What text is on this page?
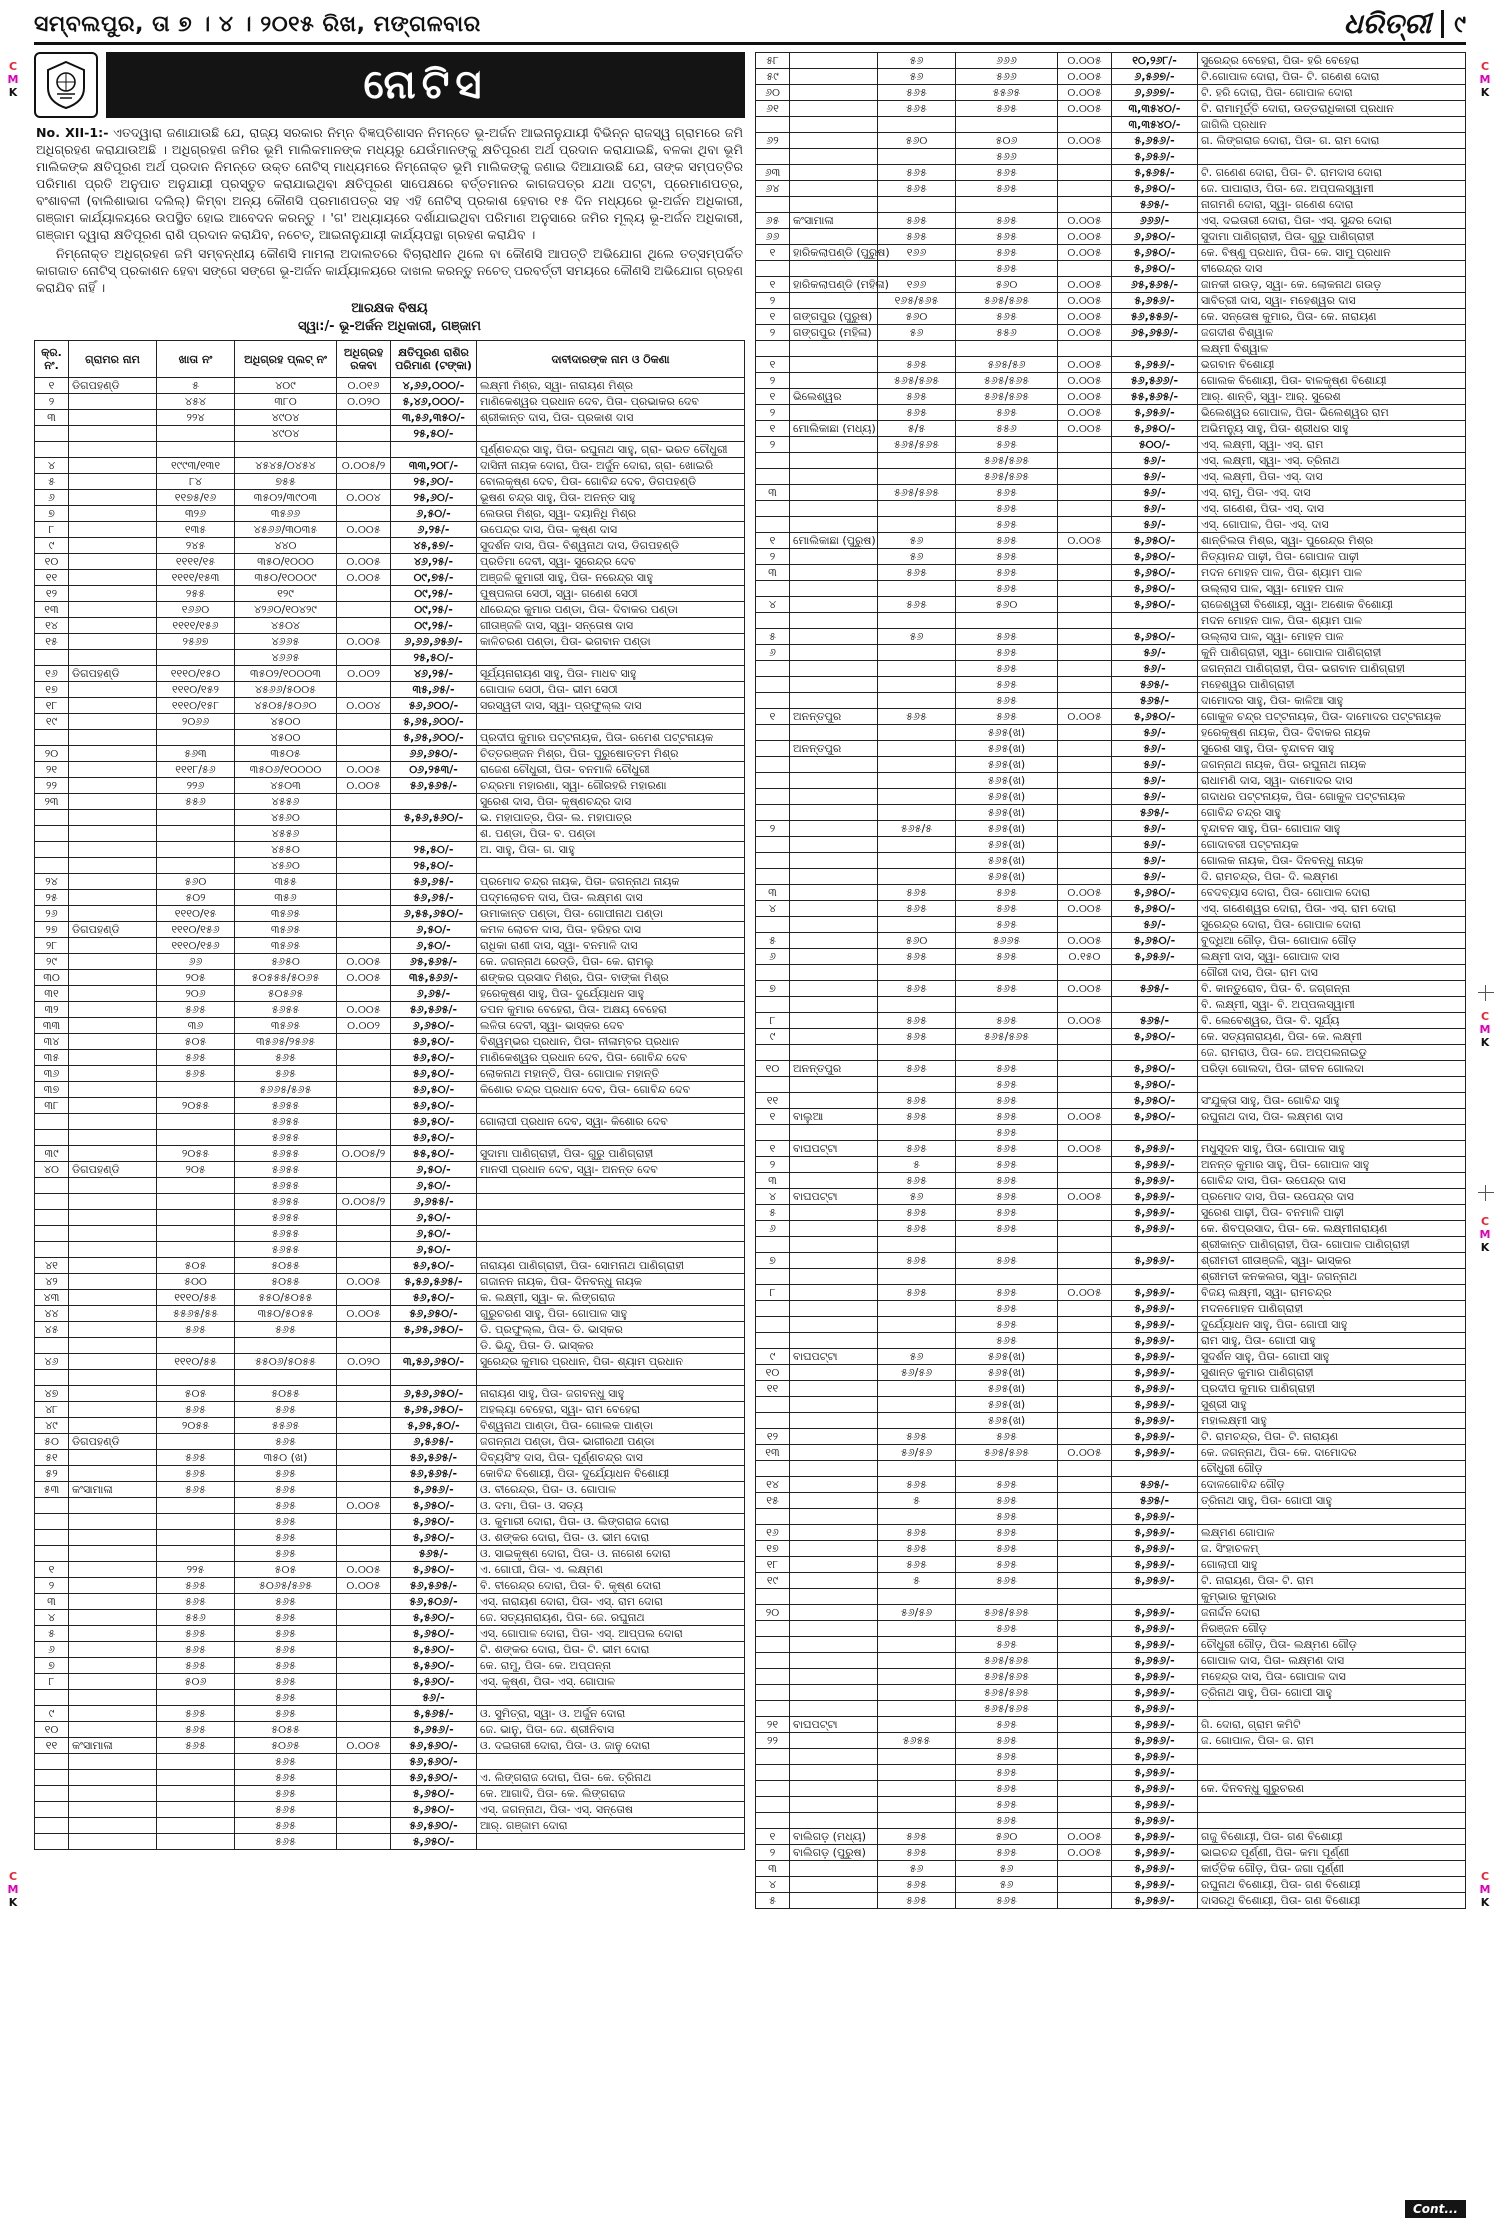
C
M
K
C
M
K
C
M
K
C
M
K
C
M
K
C
M
K
ସମ୍ବଲପୁର, ତା ୭ । ୪ । ୨୦୧୫ ରିଖ, ମଙ୍ଗଳବାର	ଧରିତ୍ରୀ ୯
ନୋଟିସ
No. XII-1:- ଏତଦ୍ୱାରା ଜଣାଯାଉଛି ଯେ, ରାଜ୍ୟ ସରକାର ନିମ୍ନ ବିଜ୍ଞପ୍ତିଶାସନ ନିମନ୍ତେ ଭୂ-ଅର୍ଜନ ଆଇନାନୁଯାୟୀ ବିଭିନ୍ନ ରାଜସ୍ୱ ଗ୍ରାମରେ ଜମି ଅଧିଗ୍ରହଣ କରାଯାଉଅଛି । ଅଧିଗ୍ରହଣ ଜମିର ଭୂମି ମାଲିକମାନଙ୍କ ମଧ୍ୟରୁ ଯେଉଁମାନଙ୍କୁ କ୍ଷତିପୂରଣ ଅର୍ଥ ପ୍ରଦାନ କରାଯାଇଛି, ବଳକା ଥିବା ଭୂମି ମାଲିକଙ୍କ କ୍ଷତିପୂରଣ ଅର୍ଥ ପ୍ରଦାନ ନିମନ୍ତେ ଉକ୍ତ ନୋଟିସ୍ ମାଧ୍ୟମରେ ନିମ୍ନୋକ୍ତ ଭୂମି ମାଲିକଙ୍କୁ ଜଣାଇ ଦିଆଯାଉଛି ଯେ, ତାଙ୍କ ସମ୍ପତ୍ତିର ପରିମାଣ ପ୍ରତି ଅନୁପାତ ଅନୁଯାୟୀ ପ୍ରସ୍ତୁତ କରାଯାଇଥିବା କ୍ଷତିପୂରଣ ସାପେକ୍ଷରେ ବର୍ତ୍ତମାନର କାଗଜପତ୍ର ଯଥା ପଟ୍ଟା, ପ୍ରେମାଣପତ୍ର, ବଂଶାବଳୀ (ବାଲିଶାଭାଗ ଦଲିଲ୍) କିମ୍ବା ଅନ୍ୟ କୌଣସି ପ୍ରମାଣପତ୍ର ସହ ଏହି ନୋଟିସ୍ ପ୍ରକାଶ ହେବାର ୧୫ ଦିନ ମଧ୍ୟରେ ଭୂ-ଅର୍ଜନ ଅଧିକାରୀ, ଗଞ୍ଜାମ କାର୍ଯ୍ୟାଳୟରେ ଉପସ୍ଥିତ ହୋଇ ଆବେଦନ କରନ୍ତୁ । 'ଗ' ଅଧ୍ୟାୟରେ ଦର୍ଶାଯାଇଥିବା ପରିମାଣ ଅନୁସାରେ ଜମିର ମୂଲ୍ୟ ଭୂ-ଅର୍ଜନ ଅଧିକାରୀ, ଗଞ୍ଜାମ ଦ୍ୱାରା କ୍ଷତିପୂରଣ ରାଶି ପ୍ରଦାନ କରାଯିବ, ନଚେତ୍, ଆଇନାନୁଯାୟୀ କାର୍ଯ୍ୟପନ୍ଥା ଗ୍ରହଣ କରାଯିବ ।
ନିମ୍ନୋକ୍ତ ଅଧିଗ୍ରହଣ ଜମି ସମ୍ବନ୍ଧୀୟ କୌଣସି ମାମଲା ଅଦାଲତରେ ବିଚାରାଧୀନ ଥିଲେ ବା କୌଣସି ଆପତ୍ତି ଅଭିଯୋଗ ଥିଲେ ତତ୍‌ସମ୍ପର୍କିତ କାଗଜାତ ନୋଟିସ୍ ପ୍ରକାଶନ ହେବା ସଙ୍ଗେ ସଙ୍ଗେ ଭୂ-ଅର୍ଜନ କାର୍ଯ୍ୟାଳୟରେ ଦାଖଲ କରନ୍ତୁ ନଚେତ୍ ପରବର୍ତ୍ତୀ ସମୟରେ କୌଣସି ଅଭିଯୋଗ ଗ୍ରହଣ କରାଯିବ ନାହିଁ ।
ଆରକ୍ଷକ ବିଷୟ
ସ୍ୱା:/- ଭୂ-ଅର୍ଜନ ଅଧିକାରୀ, ଗଞ୍ଜାମ
କ୍ର. ନଂ.	ଗ୍ରାମର ନାମ	ଖାତା ନଂ	ଅଧିଗ୍ରହ ପ୍ଲଟ୍ ନଂ	ଅଧିଗ୍ରହ ରକବା	କ୍ଷତିପୂରଣ ରାଶିର ପରିମାଣ (ଟଙ୍କା)	ଦାବୀଦାରଙ୍କ ନାମ ଓ ଠିକଣା
୧	ଡିଗପହଣ୍ଡି	୫	୪୦୯	୦.୦୧୬	୪,୬୬,୦୦୦/-	ଲକ୍ଷ୍ମୀ ମିଶ୍ର, ସ୍ୱା- ନାରାୟଣ ମିଶ୍ର
୨		୪୫୪	୩୮୦	୦.୦୨୦	୫,୪୬,୦୦୦/-	ମାଣିକେଶ୍ୱର ପ୍ରଧାନ ଦେବ, ପିତା- ପ୍ରଭାକର ଦେବ
୩		୨୨୪	୪୯୦୪		୩,୫୬,୩୫୦/-	ଶ୍ରୀକାନ୍ତ ଦାସ, ପିତା- ପ୍ରକାଶ ଦାସ
			୪୯୦୪		୨୫,୫୦/-	
						ପୂର୍ଣ୍ଣଚନ୍ଦ୍ର ସାହୁ, ପିତା- ରଘୁନାଥ ସାହୁ, ଗ୍ରା- ଭରତ ଚୌଧୁରୀ
୪		୧୯୯୩/୧୩୧	୪୫୪୫/୦୪୫୪	୦.୦୦୫/୨	୩୩,୨୦୮/-	ଦାସିନୀ ନାୟକ ଦୋରା, ପିତା- ଅର୍ଜୁନ ଦୋରା, ଗ୍ରା- ଖୋଇରି
୫		୮୪	୭୫୫		୨୫,୬୦/-	ବୋଲକୃଷ୍ଣ ଦେବ, ପିତା- ଗୋବିନ୍ଦ ଦେବ, ଡିଗପହଣ୍ଡି
୬		୧୧୭୫/୧୬	୩୫୦୨/୩୯୦୩	୦.୦୦୪	୨୫,୬୦/-	ଭୂଷଣ ଚନ୍ଦ୍ର ସାହୁ, ପିତା- ଅନନ୍ତ ସାହୁ
୭		୩୨୬	୩୫୬୬		୬,୫୦/-	ଲେଉତା ମିଶ୍ର, ସ୍ୱା- ଦୟାନିଧି ମିଶ୍ର
୮		୧୩୫	୪୫୬୬/୩୦୩୫	୦.୦୦୫	୬,୨୫/-	ଉପେନ୍ଦ୍ର ଦାସ, ପିତା- କୃଷ୍ଣ ଦାସ
୯		୨୪୫	୪୪୦		୪୫,୫୭/-	ସୁଦର୍ଶନ ଦାସ, ପିତା- ବିଶ୍ୱନାଥ ଦାସ, ଡିଗପହଣ୍ଡି
୧୦		୧୧୧୧/୧୫	୩୫୦/୧୦୦୦	୦.୦୦୫	୪୬,୨୫/-	ପ୍ରତିମା ଦେବୀ, ସ୍ୱା- ସୁରେନ୍ଦ୍ର ଦେବ
୧୧		୧୧୧୧/୧୫୩	୩୫୦/୧୦୦୦୯	୦.୦୦୫	୦୯,୭୫/-	ଅଞ୍ଜଳି କୁମାରୀ ସାହୁ, ପିତା- ନରେନ୍ଦ୍ର ସାହୁ
୧୨		୨୫୫	୧୨୯		୦୯,୨୫/-	ପୁଷ୍ପଲତା ସେଠୀ, ସ୍ୱା- ଗଣେଶ ସେଠୀ
୧୩		୧୬୬୦	୪୨୬୦/୧୦୪୨୯		୦୯,୨୫/-	ଧୀରେନ୍ଦ୍ର କୁମାର ପଣ୍ଡା, ପିତା- ଦିବାକର ପଣ୍ଡା
୧୪		୧୧୧୧/୧୫୬	୪୫୦୪		୦୯,୨୫/-	ଗୀତାଞ୍ଜଳି ଦାସ, ସ୍ୱା- ସନ୍ତୋଷ ଦାସ
୧୫		୨୫୬୭	୪୬୬୫	୦.୦୦୫	୬,୬୬,୬୫୬/-	କାଳିଚରଣ ପଣ୍ଡା, ପିତା- ଭଗବାନ ପଣ୍ଡା
			୪୬୬୫		୨୫,୫୦/-	
୧୬	ଡିଗପହଣ୍ଡି	୧୧୧୦/୧୫୦	୩୫୦୨/୧୦୦୦୩	୦.୦୦୨	୪୬,୨୫/-	ସୂର୍ଯ୍ୟନାରାୟଣ ସାହୁ, ପିତା- ମାଧବ ସାହୁ
୧୭		୧୧୧୦/୧୫୨	୪୫୬୬/୫୦୦୫		୩୫,୬୫/-	ଗୋପାଳ ସେଠୀ, ପିତା- ଭୀମ ସେଠୀ
୧୮		୧୧୧୦/୧୫୮	୪୫୦୫/୫୦୬୦	୦.୦୦୪	୫୬,୬୦୦/-	ସରସ୍ୱତୀ ଦାସ, ସ୍ୱା- ପ୍ରଫୁଲ୍ଲ ଦାସ
୧୯		୨୦୬୬	୪୫୦୦		୫,୬୫,୬୦୦/-	
			୪୫୦୦		୫,୬୫,୬୦୦/-	ପ୍ରଦୀପ କୁମାର ପଟ୍ଟନାୟକ, ପିତା- ରମେଶ ପଟ୍ଟନାୟକ
୨୦		୫୬୩	୩୫୦୫		୬୬,୬୫୦/-	ଚିତ୍ତରଞ୍ଜନ ମିଶ୍ର, ପିତା- ପୁରୁଷୋତ୍ତମ ମିଶ୍ର
୨୧		୧୧୧୮/୫୬	୩୫୦୬/୧୦୦୦୦	୦.୦୦୫	୦୬,୨୫୩/-	ରାଜେଶ ଚୌଧୁରୀ, ପିତା- ବନମାଳି ଚୌଧୁରୀ
୨୨		୨୨୬	୪୫୦୩	୦.୦୦୫	୫୬,୫୬୫/-	ଚନ୍ଦ୍ରମା ମହାରଣା, ସ୍ୱା- ଗୌରହରି ମହାରଣା
୨୩		୫୫୬	୪୫୫୬			ସୁରେଶ ଦାସ, ପିତା- କୃଷ୍ଣଚନ୍ଦ୍ର ଦାସ
			୪୫୬୦		୫,୫୬,୫୬୦/-	ଭ. ମହାପାତ୍ର, ପିତା- ଲ. ମହାପାତ୍ର
			୪୫୫୬			ଶ. ପଣ୍ଡା, ପିତା- ବ. ପଣ୍ଡା
			୪୫୫୦		୨୫,୫୦/-	ଅ. ସାହୁ, ପିତା- ଗ. ସାହୁ
			୪୫୬୦		୨୫,୫୦/-	
୨୪		୫୬୦	୩୫୫		୫୬,୬୫/-	ପ୍ରମୋଦ ଚନ୍ଦ୍ର ନାୟକ, ପିତା- ଜଗନ୍ନାଥ ନାୟକ
୨୫		୫୦୨	୩୫୬		୫୬,୬୫/-	ପଦ୍ମଲୋଚନ ଦାସ, ପିତା- ଲକ୍ଷ୍ମଣ ଦାସ
୨୬		୧୧୧୦/୧୫	୩୫୬୫		୬,୫୫,୬୫୦/-	ଉମାକାନ୍ତ ପଣ୍ଡା, ପିତା- ଗୋପୀନାଥ ପଣ୍ଡା
୨୭	ଡିଗପହଣ୍ଡି	୧୧୧୦/୧୫୬	୩୫୬୫		୬,୫୦/-	କମଳ ଲୋଚନ ଦାସ, ପିତା- ହରିହର ଦାସ
୨୮		୧୧୧୦/୧୫୬	୩୫୬୫		୬,୫୦/-	ରାଧିକା ରାଣୀ ଦାସ, ସ୍ୱା- ବନମାଳି ଦାସ
୨୯		୬୬	୫୬୫୦	୦.୦୦୫	୬୫,୫୬୫/-	କେ. ଜଗନ୍ନାଥ ରେଡ୍ଡି, ପିତା- କେ. ରାମଲୁ
୩୦		୨୦୫	୫୦୫୫୫/୫୦୬୫	୦.୦୦୫	୩୫,୫୬୬/-	ଶଙ୍କର ପ୍ରସାଦ ମିଶ୍ର, ପିତା- ବାଙ୍କା ମିଶ୍ର
୩୧		୨୦୬	୫୦୫୬୫		୬,୬୫/-	ହରେକୃଷ୍ଣ ସାହୁ, ପିତା- ଦୁର୍ଯ୍ୟୋଧନ ସାହୁ
୩୨		୫୬୫	୫୬୫୫	୦.୦୦୫	୫୬,୫୬୫/-	ତପନ କୁମାର ବେହେରା, ପିତା- ଅକ୍ଷୟ ବେହେରା
୩୩		୩୬	୩୫୬୫	୦.୦୦୨	୬,୬୫୦/-	ଲଳିତା ଦେବୀ, ସ୍ୱା- ଭାସ୍କର ଦେବ
୩୪		୫୦୫	୩୫୬୫/୨୫୬୫		୫୬,୫୦/-	ବିଶ୍ୱମ୍ଭର ପ୍ରଧାନ, ପିତା- ନୀଳାମ୍ବର ପ୍ରଧାନ
୩୫		୫୬୫	୫୬୫		୫୬,୫୦/-	ମାଣିକେଶ୍ୱର ପ୍ରଧାନ ଦେବ, ପିତା- ଗୋବିନ୍ଦ ଦେବ
୩୬		୫୬୫	୫୬୫		୫୬,୫୦/-	ଲୋକନାଥ ମହାନ୍ତି, ପିତା- ଗୋପାଳ ମହାନ୍ତି
୩୭			୫୬୬୫/୫୬୫		୫୬,୫୦/-	କିଶୋର ଚନ୍ଦ୍ର ପ୍ରଧାନ ଦେବ, ପିତା- ଗୋବିନ୍ଦ ଦେବ
୩୮		୨୦୫୫	୫୬୫୫		୫୬,୫୦/-	
			୫୬୫୫		୫୬,୫୦/-	ଗୋଲାପୀ ପ୍ରଧାନ ଦେବ, ସ୍ୱା- କିଶୋର ଦେବ
			୫୬୫୫		୫୬,୫୦/-	
୩୯		୨୦୫୫	୫୬୫୫	୦.୦୦୫/୨	୫୫,୫୦/-	ସୁଦାମା ପାଣିଗ୍ରାହୀ, ପିତା- ଗୁରୁ ପାଣିଗ୍ରାହୀ
୪୦	ଡିଗପହଣ୍ଡି	୨୦୫	୫୬୫୫		୬,୫୦/-	ମାନସୀ ପ୍ରଧାନ ଦେବ, ସ୍ୱା- ଅନନ୍ତ ଦେବ
			୫୬୫୫		୬,୫୦/-	
			୫୬୫୫	୦.୦୦୫/୨	୬,୬୫୫/-	
			୫୬୫୫		୬,୫୦/-	
			୫୬୫୫		୬,୫୦/-	
			୫୬୫୫		୬,୫୦/-	
୪୧		୫୦୫	୫୦୫୫		୫୬,୫୦/-	ନାରାୟଣ ପାଣିଗ୍ରାହୀ, ପିତା- ସୋମନାଥ ପାଣିଗ୍ରାହୀ
୪୨		୫୦୦	୫୦୫୫	୦.୦୦୫	୫,୫୬,୫୬୫/-	ଗଜାନନ ନାୟକ, ପିତା- ଦିନବନ୍ଧୁ ନାୟକ
୪୩		୧୧୧୦/୫୫	୫୫୦/୫୦୫୫		୫୬,୫୦/-	କ. ଲକ୍ଷ୍ମୀ, ସ୍ୱା- କ. ଲିଙ୍ଗରାଜ
୪୪		୫୫୬୫/୫୫	୩୫୦/୫୦୫୫	୦.୦୦୫	୫୬,୬୫୦/-	ଗୁରୁଚରଣ ସାହୁ, ପିତା- ଗୋପାଳ ସାହୁ
୪୫		୫୬୫	୫୬୫		୫,୬୫,୬୫୦/-	ଡି. ପ୍ରଫୁଲ୍ଲ, ପିତା- ଡି. ଭାସ୍କର
						ଡି. ଭିନ୍ଦୁ, ପିତା- ଡି. ଭାସ୍କର
୪୬		୧୧୧୦/୫୫	୫୫୦୬/୫୦୫୫	୦.୦୨୦	୩,୫୬,୬୫୦/-	ସୁରେନ୍ଦ୍ର କୁମାର ପ୍ରଧାନ, ପିତା- ଶ୍ୟାମ ପ୍ରଧାନ

୪୭		୫୦୫	୫୦୫୫		୬,୫୬,୬୫୦/-	ନାରାୟଣ ସାହୁ, ପିତା- ଜଗବନ୍ଧୁ ସାହୁ
୪୮		୫୬୫	୫୬୫		୫,୬୫,୬୫୦/-	ଅହଲ୍ୟା ବେହେରା, ସ୍ୱା- ରାମ ବେହେରା
୪୯		୨୦୫୫	୫୫୬୫		୫,୬୫,୫୦/-	ବିଶ୍ୱନାଥ ପାଣ୍ଡା, ପିତା- ଗୋଲକ ପାଣ୍ଡା
୫୦	ଡିଗପହଣ୍ଡି		୫୬୫		୬,୫୬୫/-	ଜଗନ୍ନାଥ ପଣ୍ଡା, ପିତା- ଭାଗୀରଥୀ ପଣ୍ଡା
୫୧		୫୬୫	୩୫୦ (ଖ)		୫୬,୫୬୫/-	ଦିବ୍ୟସିଂହ ଦାସ, ପିତା- ପୂର୍ଣ୍ଣଚନ୍ଦ୍ର ଦାସ
୫୨		୫୬୫	୫୬୫		୫୬,୫୬୫/-	କୋବିନ୍ଦ ବିଶୋୟୀ, ପିତା- ଦୁର୍ଯ୍ୟୋଧନ ବିଶୋୟୀ
୫୩	କଂସାମାଳା	୫୬୫	୫୬୫		୫,୬୫୬/-	ଓ. ବୀରେନ୍ଦ୍ର, ପିତା- ଓ. ଗୋପାଳ
			୫୬୫	୦.୦୦୫	୫,୬୫୦/-	ଓ. ଦମା, ପିତା- ଓ. ସତ୍ୟ
			୫୬୫		୫,୬୫୦/-	ଓ. କୁମାରୀ ଦୋରା, ପିତା- ଓ. ଲିଙ୍ଗରାଜ ଦୋରା
			୫୬୫		୫,୬୫୦/-	ଓ. ଶଙ୍କର ଦୋରା, ପିତା- ଓ. ଭୀମ ଦୋରା
			୫୬୫		୫୬୫/-	ଓ. ସାଇକୃଷ୍ଣ ଦୋରା, ପିତା- ଓ. ନାଗେଶ ଦୋରା
୧		୨୨୫	୫୦୫	୦.୦୦୫	୫,୬୫୦/-	ଏ. ଗୋପୀ, ପିତା- ଏ. ଲକ୍ଷ୍ମଣ
୨		୫୬୫	୫୦୬୫/୫୬୫	୦.୦୦୫	୫୬,୫୬୫/-	ବି. ବୀରେନ୍ଦ୍ର ଦୋରା, ପିତା- ବି. କୃଷ୍ଣ ଦୋରା
୩		୫୬୫	୫୬୫		୫୬,୫୦୬/-	ଏସ୍. ନାରାୟଣ ଦୋରା, ପିତା- ଏସ୍. ରାମ ଦୋରା
୪		୫୫୬	୫୬୫		୫,୫୬୦/-	ଜେ. ସତ୍ୟନାରାୟଣ, ପିତା- ଜେ. ରଘୁନାଥ
୫		୫୬୫	୫୬୫		୫,୬୫୦/-	ଏସ୍. ଗୋପାଳ ଦୋରା, ପିତା- ଏସ୍. ଆପ୍ପଲ ଦୋରା
୬		୫୬୫	୫୬୫		୫,୫୬୦/-	ଟି. ଶଙ୍କର ଦୋରା, ପିତା- ଟି. ଭୀମ ଦୋରା
୭		୫୬୫	୫୬୫		୫,୫୬୦/-	କେ. ରାମୁ, ପିତା- କେ. ଅପ୍ପନ୍ନା
୮		୫୦୬	୫୬୫		୫,୫୬୦/-	ଏସ୍. କୃଷ୍ଣ, ପିତା- ଏସ୍. ଗୋପାଳ
			୫୬୫		୫୬/-	
୯		୫୬୫	୫୬୫		୫,୫୬୫/-	ଓ. ସୁମିତ୍ରା, ସ୍ୱା- ଓ. ଅର୍ଜୁନ ଦୋରା
୧୦		୫୬୫	୫୦୫୫		୫,୬୫୬/-	ଜେ. ଭାନୁ, ପିତା- ଜେ. ଶ୍ରୀନିବାସ
୧୧	କଂସାମାଳା	୫୬୫	୫୦୬୫	୦.୦୦୫	୫୬,୫୬୦/-	ଓ. ଦଇତାରୀ ଦୋରା, ପିତା- ଓ. ଜାନୁ ଦୋରା
			୫୬୫		୫୬,୫୬୦/-	
			୫୬୫		୫୬,୫୬୦/-	ଏ. ଲିଙ୍ଗରାଜ ଦୋରା, ପିତା- କେ. ତ୍ରିନାଥ
			୫୬୫		୫,୬୫୦/-	କେ. ଆଗାଦି, ପିତା- କେ. ଲିଙ୍ଗରାଜ
			୫୬୫		୫,୬୫୦/-	ଏସ୍. ଜଗନ୍ନାଥ, ପିତା- ଏସ୍. ସନ୍ତୋଷ
			୫୬୫		୫୬,୫୬୦/-	ଆର୍. ଗଞ୍ଜାମ ଦୋରା
			୫୬୫		୫,୬୫୦/-	
୫୮		୫୬	୬୬୬	୦.୦୦୫	୧୦,୨୬୮/-	ସୁରେନ୍ଦ୍ର ବେହେରା, ପିତା- ହରି ବେହେରା
୫୯		୫୬	୫୬୬	୦.୦୦୫	୬,୫୬୭/-	ଟି.ଗୋପାଳ ଦୋରା, ପିତା- ଟି. ଗଣେଶ ଦୋରା
୬୦		୫୬୫	୫୫୬୫	୦.୦୦୫	୬,୬୬୭/-	ଟି. ହରି ଦୋରା, ପିତା- ଗୋପାଳ ଦୋରା
୬୧		୫୬୫	୫୬୫	୦.୦୦୫	୩,୩୫୪୦/-	ଟି. ରାମାମୂର୍ତ୍ତି ଦୋରା, ଉତ୍ତରାଧିକାରୀ ପ୍ରଧାନ
					୩,୩୫୪୦/-	ଜାଗିଲି ପ୍ରଧାନ
୬୨		୫୬୦	୫୦୬	୦.୦୦୫	୫,୬୫୬/-	ଗ. ଲିଙ୍ଗରାଜ ଦୋରା, ପିତା- ଗ. ରାମ ଦୋରା
			୫୬୬		୫,୬୫୬/-	
୬୩		୫୬୫	୫୬୫		୫,୫୬୫/-	ଟି. ଗଣେଶ ଦୋରା, ପିତା- ଟି. ରାମଦାସ ଦୋରା
୬୪		୫୬୫	୫୬୫		୫,୬୫୦/-	ଜେ. ପାପାରାଓ, ପିତା- ଜେ. ଅପ୍ପଲସ୍ୱାମୀ
					୫୬୫/-	ନାଗମଣି ଦୋରା, ସ୍ୱା- ଗଣେଶ ଦୋରା
୬୫	କଂସାମାଳା	୫୬୫	୫୬୫	୦.୦୦୫	୬୬୬/-	ଏସ୍. ଦଇତାରୀ ଦୋରା, ପିତା- ଏସ୍. ସୁନ୍ଦର ଦୋରା
୬୬		୫୬୫	୫୬୫	୦.୦୦୫	୬,୬୫୦/-	ସୁଦାମା ପାଣିଗ୍ରାହୀ, ପିତା- ଗୁରୁ ପାଣିଗ୍ରାହୀ
୧	ହାରିକଲାପଣ୍ଡି (ପୁରୁଷ)	୧୬୬	୫୬୫	୦.୦୦୫	୫,୬୫୦/-	କେ. ବିଷ୍ଣୁ ପ୍ରଧାନ, ପିତା- କେ. ସାମୁ ପ୍ରଧାନ
			୫୬୫		୫,୬୫୦/-	ବୀରେନ୍ଦ୍ର ଦାସ
୧	ହାରିକଲାପଣ୍ଡି (ମହିଳା)	୧୬୬	୫୬୦	୦.୦୦୫	୬୫,୫୬୫/-	ଜାନକୀ ଗଉଡ଼, ସ୍ୱା- କେ. ଲୋକନାଥ ଗଉଡ଼
୨		୧୬୫/୫୬୫	୫୬୫/୫୬୫	୦.୦୦୫	୫,୬୫୬/-	ସାବିତ୍ରୀ ଦାସ, ସ୍ୱା- ମହେଶ୍ୱର ଦାସ
୧	ଗଙ୍ଗପୁର (ପୁରୁଷ)	୫୬୦	୫୬୫	୦.୦୦୫	୫୬,୫୫୬/-	କେ. ସନ୍ତୋଷ କୁମାର, ପିତା- କେ. ନାରାୟଣ
୨	ଗଙ୍ଗପୁର (ମହିଳା)	୫୬	୫୫୬	୦.୦୦୫	୬୫,୬୫୬/-	ଜଗଦୀଶ ବିଶ୍ୱାଳ
						ଲକ୍ଷ୍ମୀ ବିଶ୍ୱାଳ
୧		୫୬୫	୫୬୫/୫୬	୦.୦୦୫	୫,୬୫୬/-	ଭଗବାନ ବିଶୋୟୀ
୨		୫୬୫/୫୬୫	୫୬୫/୫୬୫	୦.୦୦୫	୫୬,୫୬୬/-	ଗୋଲକ ବିଶୋୟୀ, ପିତା- ବାଳକୃଷ୍ଣ ବିଶୋୟୀ
୧	ଭିଲେଶ୍ୱର	୫୬୫	୫୬୫/୫୬୫	୦.୦୦୫	୫୫,୫୬୫/-	ଆର୍. ଶାନ୍ତି, ସ୍ୱା- ଆର୍. ସୁରେଶ
୨		୫୬୫	୫୬୫	୦.୦୦୫	୫,୬୫୬/-	ଭିଲେଶ୍ୱର ଗୋପାଳ, ପିତା- ଭିଲେଶ୍ୱର ରାମ
୧	ମୋଲିକାଛା (ମଧ୍ୟ)	୫/୫	୫୫୬	୦.୦୦୫	୫,୬୫୦/-	ଅଭିମନ୍ୟୁ ସାହୁ, ପିତା- ଶ୍ରୀଧର ସାହୁ
୨		୫୬୫/୫୬୫	୫୬୫		୫୦୦/-	ଏସ୍. ଲକ୍ଷ୍ମୀ, ସ୍ୱା- ଏସ୍. ରାମ
			୫୬୫/୫୬୫		୫୬/-	ଏସ୍. ଲକ୍ଷ୍ମୀ, ସ୍ୱା- ଏସ୍. ତ୍ରିନାଥ
			୫୬୫/୫୬୫		୫୬/-	ଏସ୍. ଲକ୍ଷ୍ମୀ, ପିତା- ଏସ୍. ଦାସ
୩		୫୬୫/୫୬୫	୫୬୫		୫୬/-	ଏସ୍. ରାମୁ, ପିତା- ଏସ୍. ଦାସ
			୫୬୫		୫୬/-	ଏସ୍. ଗଣେଶ, ପିତା- ଏସ୍. ଦାସ
			୫୬୫		୫୬/-	ଏସ୍. ଗୋପାଳ, ପିତା- ଏସ୍. ଦାସ
୧	ମୋଲିକାଛା (ପୁରୁଷ)	୫୬	୫୬୫	୦.୦୦୫	୫,୬୫୦/-	ଶାନ୍ତିଲତା ମିଶ୍ର, ସ୍ୱା- ପୁରେନ୍ଦ୍ର ମିଶ୍ର
୨		୫୬	୫୬୫		୫,୬୫୦/-	ନିତ୍ୟାନନ୍ଦ ପାଢ଼ୀ, ପିତା- ଗୋପାଳ ପାଢ଼ୀ
୩		୫୬୫	୫୬୫		୫,୬୫୦/-	ମଦନ ମୋହନ ପାଳ, ପିତା- ଶ୍ୟାମ ପାଳ
			୫୬୫		୫,୬୫୦/-	ଉଲ୍ଲାସ ପାଳ, ସ୍ୱା- ମୋହନ ପାଳ
୪		୫୬୫	୫୬୦		୫,୬୫୦/-	ରାଜେଶ୍ୱରୀ ବିଶୋୟୀ, ସ୍ୱା- ଅଶୋକ ବିଶୋୟୀ
						ମଦନ ମୋହନ ପାଳ, ପିତା- ଶ୍ୟାମ ପାଳ
୫		୫୬	୫୬୫		୫,୬୫୦/-	ଉଲ୍ଲାସ ପାଳ, ସ୍ୱା- ମୋହନ ପାଳ
୬			୫୬୫		୫୬/-	କୁନି ପାଣିଗ୍ରାହୀ, ସ୍ୱା- ଗୋପାଳ ପାଣିଗ୍ରାହୀ
			୫୬୫		୫୬/-	ଜଗନ୍ନାଥ ପାଣିଗ୍ରାହୀ, ପିତା- ଭଗବାନ ପାଣିଗ୍ରାହୀ
			୫୬୫		୫୬୫/-	ମହେଶ୍ୱର ପାଣିଗ୍ରାହୀ
			୫୬୫		୫୬୫/-	ଦାମୋଦର ସାହୁ, ପିତା- କାଳିଆ ସାହୁ
୧	ଅନନ୍ତପୁର	୫୬୫	୫୬୫	୦.୦୦୫	୫,୬୫୦/-	ଗୋକୁଳ ଚନ୍ଦ୍ର ପଟ୍ଟନାୟକ, ପିତା- ଦାମୋଦର ପଟ୍ଟନାୟକ
			୫୬୫(ଖ)		୫୬/-	ହରେକୃଷ୍ଣ ନାୟକ, ପିତା- ଦିବାକର ନାୟକ
	ଅନନ୍ତପୁର		୫୬୫(ଖ)		୫୬/-	ସୁରେଶ ସାହୁ, ପିତା- ବୃନ୍ଦାବନ ସାହୁ
			୫୬୫(ଖ)		୫୬/-	ଜଗନ୍ନାଥ ନାୟକ, ପିତା- ରଘୁନାଥ ନାୟକ
			୫୬୫(ଖ)		୫୬/-	ରାଧାମଣି ଦାସ, ସ୍ୱା- ଦାମୋଦର ଦାସ
			୫୬୫(ଖ)		୫୬/-	ଗଦାଧର ପଟ୍ଟନାୟକ, ପିତା- ଗୋକୁଳ ପଟ୍ଟନାୟକ
			୫୬୫(ଖ)		୫୬୫/-	ଗୋବିନ୍ଦ ଚନ୍ଦ୍ର ସାହୁ
୨		୫୬୫/୫	୫୬୫(ଖ)		୫୬/-	ବୃନ୍ଦାବନ ସାହୁ, ପିତା- ଗୋପାଳ ସାହୁ
			୫୬୫(ଖ)		୫୬/-	ଗୋଦାବରୀ ପଟ୍ଟନାୟକ
			୫୬୫(ଖ)		୫୬/-	ଗୋଲକ ନାୟକ, ପିତା- ଦିନବନ୍ଧୁ ନାୟକ
			୫୬୫(ଖ)		୫୬/-	ଦି. ରାମଚନ୍ଦ୍ର, ପିତା- ଦି. ଲକ୍ଷ୍ମଣ
୩		୫୬୫	୫୬୫	୦.୦୦୫	୫,୬୫୦/-	ବେଦବ୍ୟାସ ଦୋରା, ପିତା- ଗୋପାଳ ଦୋରା
୪		୫୬୫	୫୬୫	୦.୦୦୫	୫,୬୫୦/-	ଏସ୍. ଗଣେଶ୍ୱର ଦୋରା, ପିତା- ଏସ୍. ରାମ ଦୋରା
			୫୬୫		୫୬/-	ସୁରେନ୍ଦ୍ର ଦୋରା, ପିତା- ଗୋପାଳ ଦୋରା
୫		୫୬୦	୫୬୬୫	୦.୦୦୫	୫,୬୫୦/-	ବୁଦ୍ଧିଆ ଗୌଡ଼, ପିତା- ଗୋପାଳ ଗୌଡ଼
୬		୫୬୫	୫୬୫	୦.୧୫୦	୫,୬୫୬/-	ଲକ୍ଷ୍ମୀ ଦାସ, ସ୍ୱା- ଗୋପାଳ ଦାସ
						ଗୌରୀ ଦାସ, ପିତା- ରାମ ଦାସ
୭		୫୬୫	୫୬୫	୦.୦୦୫	୫୬୫/-	ବି. କାନ୍ତୁରୋବ, ପିତା- ବି. ଜଗ୍ଗନ୍ନା
						ବି. ଲକ୍ଷ୍ମୀ, ସ୍ୱା- ବି. ଅପ୍ପଲସ୍ୱାମୀ
୮		୫୬୫	୫୬୫	୦.୦୦୫	୫୬୫/-	ବି. ଲେବେଶ୍ୱର, ପିତା- ବି. ସୂର୍ଯ୍ୟ
୯		୫୬୫	୫୬୫/୫୬୫		୫,୬୫୦/-	କେ. ସତ୍ୟନାରାୟଣ, ପିତା- କେ. ଲକ୍ଷ୍ମୀ
						ଜେ. ରାମରାଓ, ପିତା- ଜେ. ଅପ୍ପଲନାଇଡୁ
୧୦	ଅନନ୍ତପୁର	୫୬୫	୫୬୫		୫,୬୫୦/-	ପରିଡ଼ା ଗୋଲଦା, ପିତା- ଜୀବନ ଗୋଲଦା
			୫୬୫		୫,୬୫୦/-	
୧୧		୫୬୫	୫୬୫		୫,୬୫୦/-	ସଂଯୁକ୍ତା ସାହୁ, ପିତା- ଗୋବିନ୍ଦ ସାହୁ
୧	ବାଲୁଆ	୫୬୫	୫୬୫	୦.୦୦୫	୫,୬୫୦/-	ରଘୁନାଥ ଦାସ, ପିତା- ଲକ୍ଷ୍ମଣ ଦାସ
			୫୬୫			
୧	ବାଘପଟ୍ଟା	୫୬୫	୫୬୫	୦.୦୦୫	୫,୬୫୬/-	ମଧୁସୂଦନ ସାହୁ, ପିତା- ଗୋପାଳ ସାହୁ
୨		୫	୫୬୫		୫,୬୫୬/-	ଅନନ୍ତ କୁମାର ସାହୁ, ପିତା- ଗୋପାଳ ସାହୁ
୩		୫୬୫	୫୬୫		୫,୬୫୬/-	ଗୋବିନ୍ଦ ଦାସ, ପିତା- ଉପେନ୍ଦ୍ର ଦାସ
୪	ବାଘପଟ୍ଟା	୫୬	୫୬୫	୦.୦୦୫	୫,୬୫୬/-	ପ୍ରମୋଦ ଦାସ, ପିତା- ଉପେନ୍ଦ୍ର ଦାସ
୫		୫୬୫	୫୬୫		୫,୬୫୬/-	ସୁରେଶ ପାଢ଼ୀ, ପିତା- ବନମାଳି ପାଢ଼ୀ
୬		୫୬୫	୫୬୫		୫,୬୫୬/-	କେ. ଶିବପ୍ରସାଦ, ପିତା- କେ. ଲକ୍ଷ୍ମୀନାରାୟଣ
						ଶ୍ରୀକାନ୍ତ ପାଣିଗ୍ରାହୀ, ପିତା- ଗୋପାଳ ପାଣିଗ୍ରାହୀ
୭		୫୬୫	୫୬୫		୫,୬୫୬/-	ଶ୍ରୀମତୀ ଗୀତାଞ୍ଜଳି, ସ୍ୱା- ଭାସ୍କର
						ଶ୍ରୀମତୀ କନକଲତା, ସ୍ୱା- ଜଗନ୍ନାଥ
୮		୫୬୫	୫୬୫	୦.୦୦୫	୫,୬୫୬/-	ବିଜୟ ଲକ୍ଷ୍ମୀ, ସ୍ୱା- ରାମଚନ୍ଦ୍ର
			୫୬୫		୫,୬୫୬/-	ମଦନମୋହନ ପାଣିଗ୍ରାହୀ
			୫୬୫		୫,୬୫୬/-	ଦୁର୍ଯ୍ୟୋଧନ ସାହୁ, ପିତା- ଗୋପୀ ସାହୁ
			୫୬୫		୫,୬୫୬/-	ରାମ ସାହୁ, ପିତା- ଗୋପୀ ସାହୁ
୯	ବାଘପଟ୍ଟା	୫୬	୫୬୫(ଖ)		୫,୬୫୬/-	ସୁଦର୍ଶନ ସାହୁ, ପିତା- ଗୋପୀ ସାହୁ
୧୦		୫୬/୫୬	୫୬୫(ଖ)		୫,୬୫୬/-	ସୁଶାନ୍ତ କୁମାର ପାଣିଗ୍ରାହୀ
୧୧			୫୬୫(ଖ)		୫,୬୫୬/-	ପ୍ରଦୀପ କୁମାର ପାଣିଗ୍ରାହୀ
			୫୬୫(ଖ)		୫,୬୫୬/-	ସୁଶ୍ରୀ ସାହୁ
			୫୬୫(ଖ)		୫,୬୫୬/-	ମହାଲକ୍ଷ୍ମୀ ସାହୁ
୧୨		୫୬୫	୫୬୫		୫,୬୫୬/-	ଟି. ରାମଚନ୍ଦ୍ର, ପିତା- ଟି. ନାରାୟଣ
୧୩		୫୬/୫୬	୫୬୫/୫୬୫	୦.୦୦୫	୫,୬୫୬/-	କେ. ଜଗନ୍ନାଥ, ପିତା- କେ. ଦାମୋଦର
						ଚୌଧୁରୀ ଗୌଡ଼
୧୪		୫୬୫	୫୬୫		୫୬୫/-	ଦୋଳଗୋବିନ୍ଦ ଗୌଡ଼
୧୫		୫	୫୬୫		୫୬୫/-	ତ୍ରିନାଥ ସାହୁ, ପିତା- ଗୋପୀ ସାହୁ
			୫୬୫		୫,୬୫୬/-	
୧୬		୫୬୫	୫୬୫		୫,୬୫୬/-	ଲକ୍ଷ୍ମଣ ଗୋପାଳ
୧୭		୫୬୫	୫୬୫		୫,୬୫୬/-	ଜ. ସିଂହାଚଳମ୍
୧୮		୫୬୫	୫୬୫		୫,୬୫୬/-	ଗୋଲାପୀ ସାହୁ
୧୯		୫	୫୬୫		୫,୬୫୬/-	ଟି. ନାରାୟଣ, ପିତା- ଟି. ରାମ
						କୁମ୍ଭାର କୁମ୍ଭାର
୨୦		୫୬/୫୬	୫୬୫/୫୬୫		୫,୬୫୬/-	ଜନାର୍ଦ୍ଦନ ଦୋରା
			୫୬୫		୫,୬୫୬/-	ନିରଞ୍ଜନ ଗୌଡ଼
			୫୬୫		୫,୬୫୬/-	ଚୌଧୁରୀ ଗୌଡ଼, ପିତା- ଲକ୍ଷ୍ମଣ ଗୌଡ଼
			୫୬୫/୫୬୫		୫,୬୫୬/-	ଗୋପାଳ ଦାସ, ପିତା- ଲକ୍ଷ୍ମଣ ଦାସ
			୫୬୫/୫୬୫		୫,୬୫୬/-	ମହେନ୍ଦ୍ର ଦାସ, ପିତା- ଗୋପାଳ ଦାସ
			୫୬୫/୫୬୫		୫,୬୫୬/-	ତ୍ରିନାଥ ସାହୁ, ପିତା- ଗୋପୀ ସାହୁ
			୫୬୫/୫୬୫		୫,୬୫୬/-	
୨୧	ବାଘପଟ୍ଟା		୫୬୫		୫,୬୫୬/-	ଗି. ଦୋରା, ଗ୍ରାମ କମିଟି
୨୨		୫୬୫୫	୫୬୫		୫,୬୫୬/-	ଜ. ଗୋପାଳ, ପିତା- ଜ. ରାମ
			୫୬୫		୫,୬୫୬/-	
			୫୬୫		୫,୬୫୬/-	
			୫୬୫		୫,୬୫୬/-	କେ. ଦିନବନ୍ଧୁ ଗୁରୁଚରଣ
			୫୬୫		୫,୬୫୬/-	
			୫୬୫		୫,୬୫୬/-	
୧	ବାଲିଗଡ଼ (ମଧ୍ୟ)	୫୬୫	୫୬୦	୦.୦୦୫	୫,୬୫୬/-	ଗଜୁ ବିଶୋୟୀ, ପିତା- ଗଣ ବିଶୋୟୀ
୨	ବାଲିଗଡ଼ (ପୁରୁଷ)	୫୬୫	୫୬୫	୦.୦୦୫	୫,୬୫୬/-	ଭାଇଚନ୍ଦ ପୂର୍ଣ୍ଣୀ, ପିତା- କମା ପୂର୍ଣ୍ଣୀ
୩		୫୬	୫୬		୫,୬୫୬/-	କାର୍ତ୍ତିକ ଗୌଡ଼, ପିତା- ଜଗା ପୂର୍ଣ୍ଣୀ
୪		୫୬୫	୫୬		୫,୬୫୬/-	ରଘୁନାଥ ବିଶୋୟୀ, ପିତା- ଗଣ ବିଶୋୟୀ
୫		୫୬୫	୫୬୫		୫,୬୫୬/-	ଦାସରଥି ବିଶୋୟୀ, ପିତା- ଗଣ ବିଶୋୟୀ
Cont...
